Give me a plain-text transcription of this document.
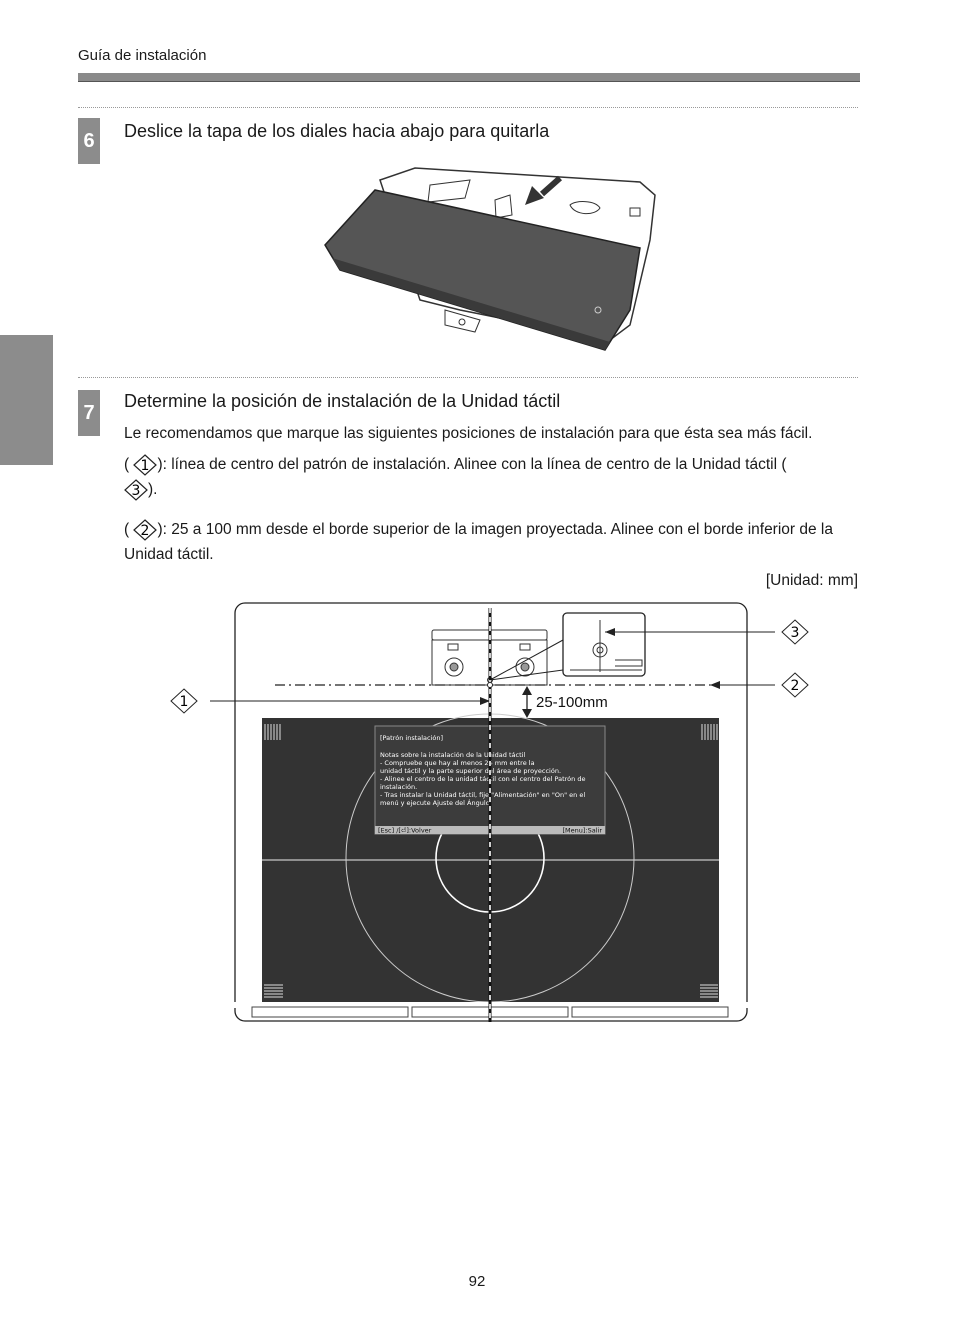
Guía de instalación
6	Deslice la tapa de los diales hacia abajo para quitarla
7
Determine la posición de instalación de la Unidad táctil
Le recomendamos que marque las siguientes posiciones de instalación para que ésta sea más fácil.
( 1 ): línea de centro del patrón de instalación. Alinee con la línea de centro de la Unidad táctil (

3 ).
( 2 ): 25 a 100 mm desde el borde superior de la imagen proyectada. Alinee con el borde inferior de la Unidad táctil.
[Unidad: mm]
3
2
1	25-100mm
[Patrón instalación]
Notas sobre la instalación de la Unidad táctil
- Compruebe que hay al menos 25 mm entre la
unidad táctil y la parte superior del área de proyección.
- Alinee el centro de la unidad táctil con el centro del Patrón de
instalación.
- Tras instalar la Unidad táctil, fije "Alimentación" en "On" en el
menú y ejecute Ajuste del Ángulo.
[Esc] /[⏎]:Volver	[Menu]:Salir
92
